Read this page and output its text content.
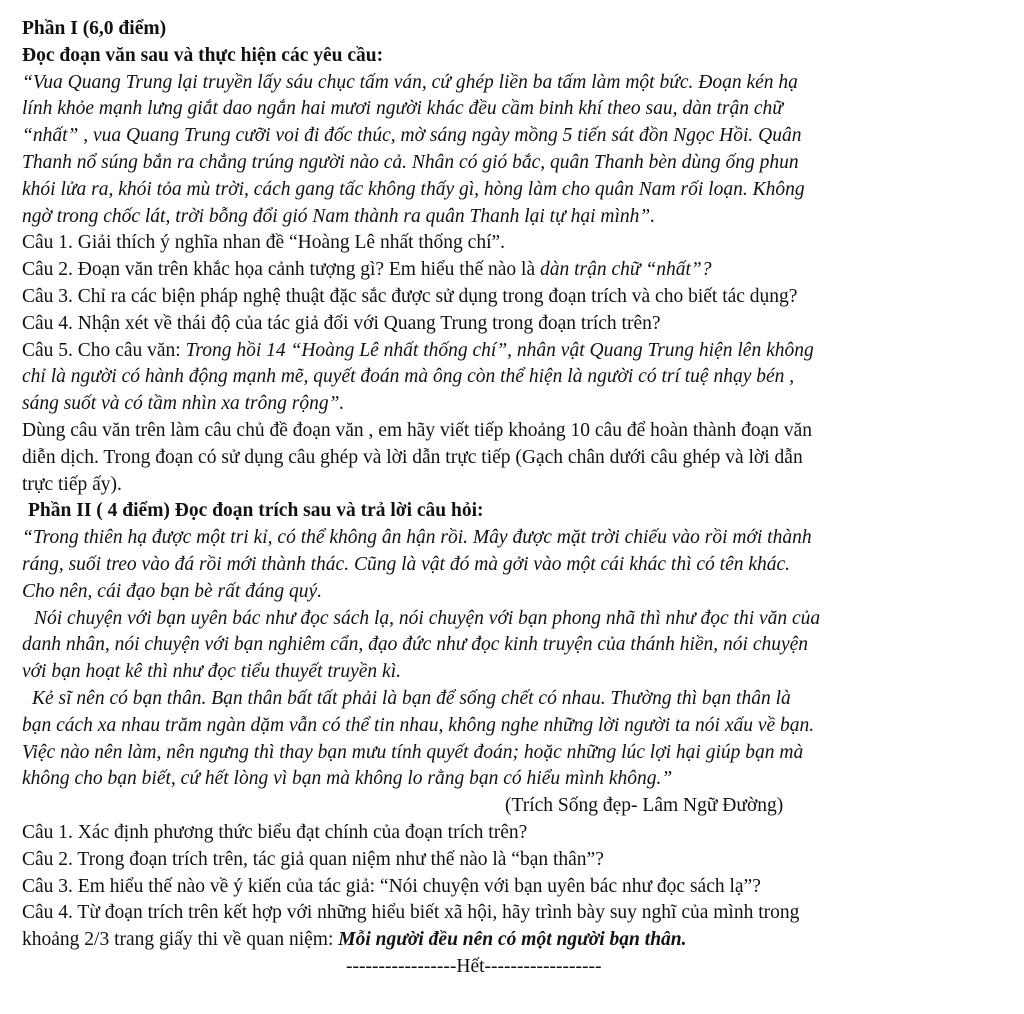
Phần I (6,0 điểm)
Đọc đoạn văn sau và thực hiện các yêu cầu:
“Vua Quang Trung lại truyền lấy sáu chục tấm ván, cứ ghép liền ba tấm làm một bức. Đoạn kén hạ
lính khỏe mạnh lưng giắt dao ngắn hai mươi người khác đều cầm binh khí theo sau, dàn trận chữ
“nhất” , vua Quang Trung cưỡi voi đi đốc thúc, mờ sáng ngày mồng 5 tiến sát đồn Ngọc Hồi. Quân
Thanh nổ súng bắn ra chẳng trúng người nào cả. Nhân có gió bắc, quân Thanh bèn dùng ống phun
khói lửa ra, khói tỏa mù trời, cách gang tấc không thấy gì, hòng làm cho quân Nam rối loạn. Không
ngờ trong chốc lát, trời bỗng đổi gió Nam thành ra quân Thanh lại tự hại mình”.
Câu 1. Giải thích ý nghĩa nhan đề “Hoàng Lê nhất thống chí”.
Câu 2. Đoạn văn trên khắc họa cảnh tượng gì? Em hiểu thế nào là dàn trận chữ “nhất”?
Câu 3. Chỉ ra các biện pháp nghệ thuật đặc sắc được sử dụng trong đoạn trích và cho biết tác dụng?
Câu 4. Nhận xét về thái độ của tác giả đối với Quang Trung trong đoạn trích trên?
Câu 5. Cho câu văn: Trong hồi 14 “Hoàng Lê nhất thống chí”, nhân vật Quang Trung hiện lên không
chỉ là người có hành động mạnh mẽ, quyết đoán mà ông còn thể hiện là người có trí tuệ nhạy bén ,
sáng suốt và có tầm nhìn xa trông rộng”.
Dùng câu văn trên làm câu chủ đề đoạn văn , em hãy viết tiếp khoảng 10 câu để hoàn thành đoạn văn
diễn dịch. Trong đoạn có sử dụng câu ghép và lời dẫn trực tiếp (Gạch chân dưới câu ghép và lời dẫn
trực tiếp ấy).
Phần II ( 4 điểm) Đọc đoạn trích sau và trả lời câu hỏi:
“Trong thiên hạ được một tri kỉ, có thể không ân hận rồi. Mây được mặt trời chiếu vào rồi mới thành
ráng, suối treo vào đá rồi mới thành thác. Cũng là vật đó mà gởi vào một cái khác thì có tên khác.
Cho nên, cái đạo bạn bè rất đáng quý.
Nói chuyện với bạn uyên bác như đọc sách lạ, nói chuyện với bạn phong nhã thì như đọc thi văn của
danh nhân, nói chuyện với bạn nghiêm cẩn, đạo đức như đọc kinh truyện của thánh hiền, nói chuyện
với bạn hoạt kê thì như đọc tiểu thuyết truyền kì.
Kẻ sĩ nên có bạn thân. Bạn thân bất tất phải là bạn để sống chết có nhau. Thường thì bạn thân là
bạn cách xa nhau trăm ngàn dặm vẫn có thể tin nhau, không nghe những lời người ta nói xấu về bạn.
Việc nào nên làm, nên ngưng thì thay bạn mưu tính quyết đoán; hoặc những lúc lợi hại giúp bạn mà
không cho bạn biết, cứ hết lòng vì bạn mà không lo rằng bạn có hiểu mình không.”
(Trích Sống đẹp- Lâm Ngữ Đường)
Câu 1. Xác định phương thức biểu đạt chính của đoạn trích trên?
Câu 2. Trong đoạn trích trên, tác giả quan niệm như thế nào là “bạn thân”?
Câu 3. Em hiểu thế nào về ý kiến của tác giả: “Nói chuyện với bạn uyên bác như đọc sách lạ”?
Câu 4. Từ đoạn trích trên kết hợp với những hiểu biết xã hội, hãy trình bày suy nghĩ của mình trong
khoảng 2/3 trang giấy thi về quan niệm: Mỗi người đều nên có một người bạn thân.
-----------------Hết------------------
